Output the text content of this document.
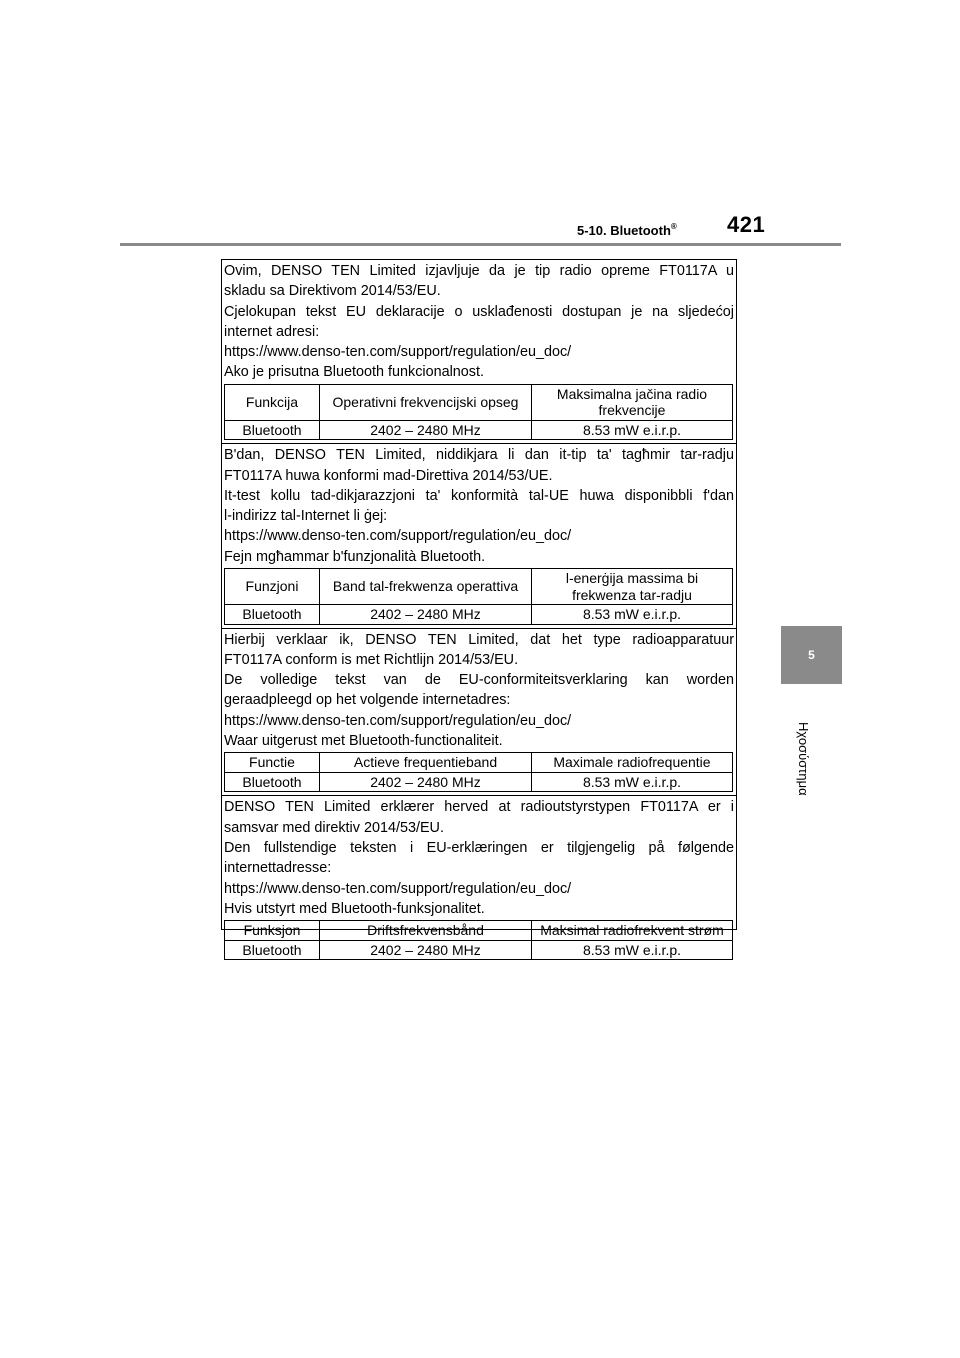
5-10. Bluetooth® 421
5
Ηχοσύστημα
Ovim, DENSO TEN Limited izjavljuje da je tip radio opreme FT0117A u
skladu sa Direktivom 2014/53/EU.
Cjelokupan tekst EU deklaracije o usklađenosti dostupan je na sljedećoj
internet adresi:
https://www.denso-ten.com/support/regulation/eu_doc/
Ako je prisutna Bluetooth funkcionalnost.
Funkcija	Operativni frekvencijski opseg	Maksimalna jačina radio frekvencije
Bluetooth	2402 – 2480 MHz	8.53 mW e.i.r.p.
B'dan, DENSO TEN Limited, niddikjara li dan it-tip ta' tagħmir tar-radju
FT0117A huwa konformi mad-Direttiva 2014/53/UE.
It-test kollu tad-dikjarazzjoni ta' konformità tal-UE huwa disponibbli f'dan
l-indirizz tal-Internet li ġej:
https://www.denso-ten.com/support/regulation/eu_doc/
Fejn mgħammar b'funzjonalità Bluetooth.
Funzjoni	Band tal-frekwenza operattiva	l-enerġija massima bi frekwenza tar-radju
Bluetooth	2402 – 2480 MHz	8.53 mW e.i.r.p.
Hierbij verklaar ik, DENSO TEN Limited, dat het type radioapparatuur
FT0117A conform is met Richtlijn 2014/53/EU.
De volledige tekst van de EU-conformiteitsverklaring kan worden
geraadpleegd op het volgende internetadres:
https://www.denso-ten.com/support/regulation/eu_doc/
Waar uitgerust met Bluetooth-functionaliteit.
Functie	Actieve frequentieband	Maximale radiofrequentie
Bluetooth	2402 – 2480 MHz	8.53 mW e.i.r.p.
DENSO TEN Limited erklærer herved at radioutstyrstypen FT0117A er i
samsvar med direktiv 2014/53/EU.
Den fullstendige teksten i EU-erklæringen er tilgjengelig på følgende
internettadresse:
https://www.denso-ten.com/support/regulation/eu_doc/
Hvis utstyrt med Bluetooth-funksjonalitet.
Funksjon	Driftsfrekvensbånd	Maksimal radiofrekvent strøm
Bluetooth	2402 – 2480 MHz	8.53 mW e.i.r.p.
